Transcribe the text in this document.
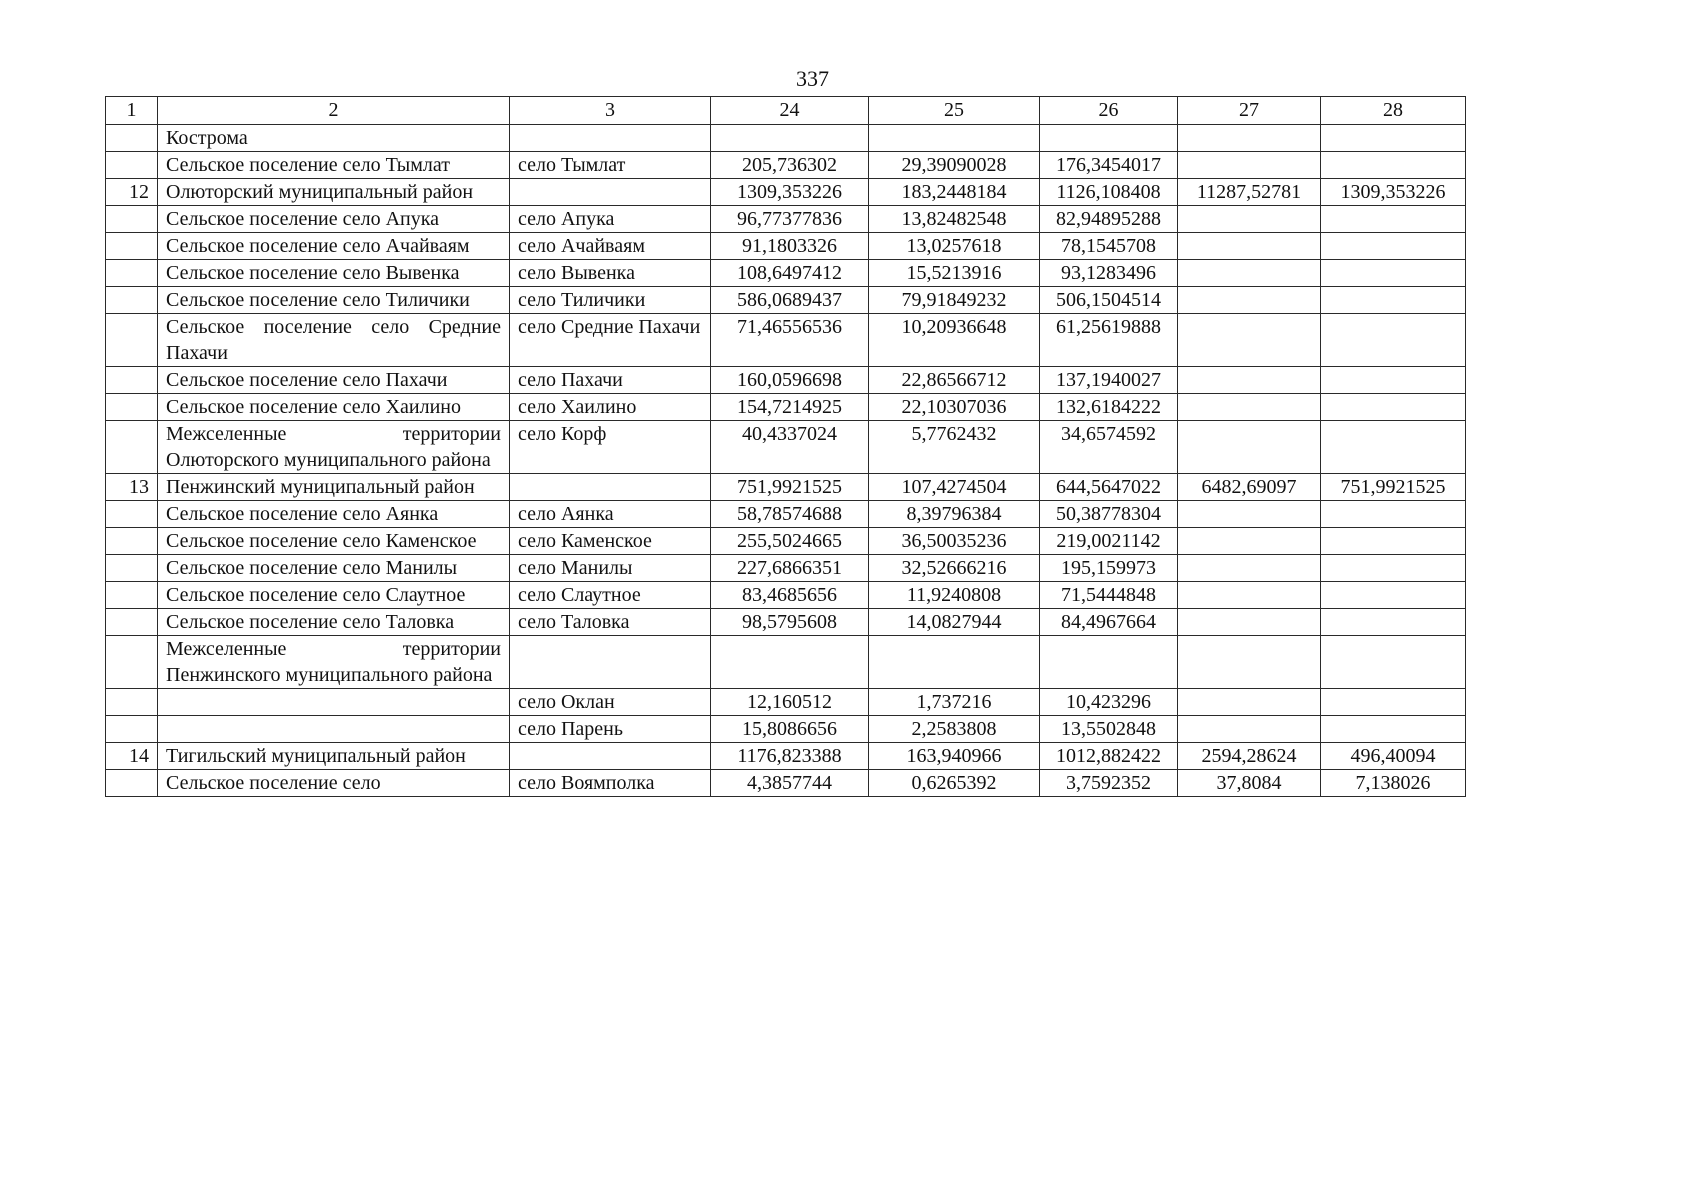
337
1	2	3	24	25	26	27	28
	Кострома						
	Сельское поселение село Тымлат	село Тымлат	205,736302	29,39090028	176,3454017		
12	Олюторский муниципальный район		1309,353226	183,2448184	1126,108408	11287,52781	1309,353226
	Сельское поселение село Апука	село Апука	96,77377836	13,82482548	82,94895288		
	Сельское поселение село Ачайваям	село Ачайваям	91,1803326	13,0257618	78,1545708		
	Сельское поселение село Вывенка	село Вывенка	108,6497412	15,5213916	93,1283496		
	Сельское поселение село Тиличики	село Тиличики	586,0689437	79,91849232	506,1504514		
	Сельское поселение село Средние Пахачи	село Средние Пахачи	71,46556536	10,20936648	61,25619888		
	Сельское поселение село Пахачи	село Пахачи	160,0596698	22,86566712	137,1940027		
	Сельское поселение село Хаилино	село Хаилино	154,7214925	22,10307036	132,6184222		
	Межселенные территории Олюторского муниципального района	село Корф	40,4337024	5,7762432	34,6574592		
13	Пенжинский муниципальный район		751,9921525	107,4274504	644,5647022	6482,69097	751,9921525
	Сельское поселение село Аянка	село Аянка	58,78574688	8,39796384	50,38778304		
	Сельское поселение село Каменское	село Каменское	255,5024665	36,50035236	219,0021142		
	Сельское поселение село Манилы	село Манилы	227,6866351	32,52666216	195,159973		
	Сельское поселение село Слаутное	село Слаутное	83,4685656	11,9240808	71,5444848		
	Сельское поселение село Таловка	село Таловка	98,5795608	14,0827944	84,4967664		
	Межселенные территории Пенжинского муниципального района						
		село Оклан	12,160512	1,737216	10,423296		
		село Парень	15,8086656	2,2583808	13,5502848		
14	Тигильский муниципальный район		1176,823388	163,940966	1012,882422	2594,28624	496,40094
	Сельское поселение село	село Воямполка	4,3857744	0,6265392	3,7592352	37,8084	7,138026
